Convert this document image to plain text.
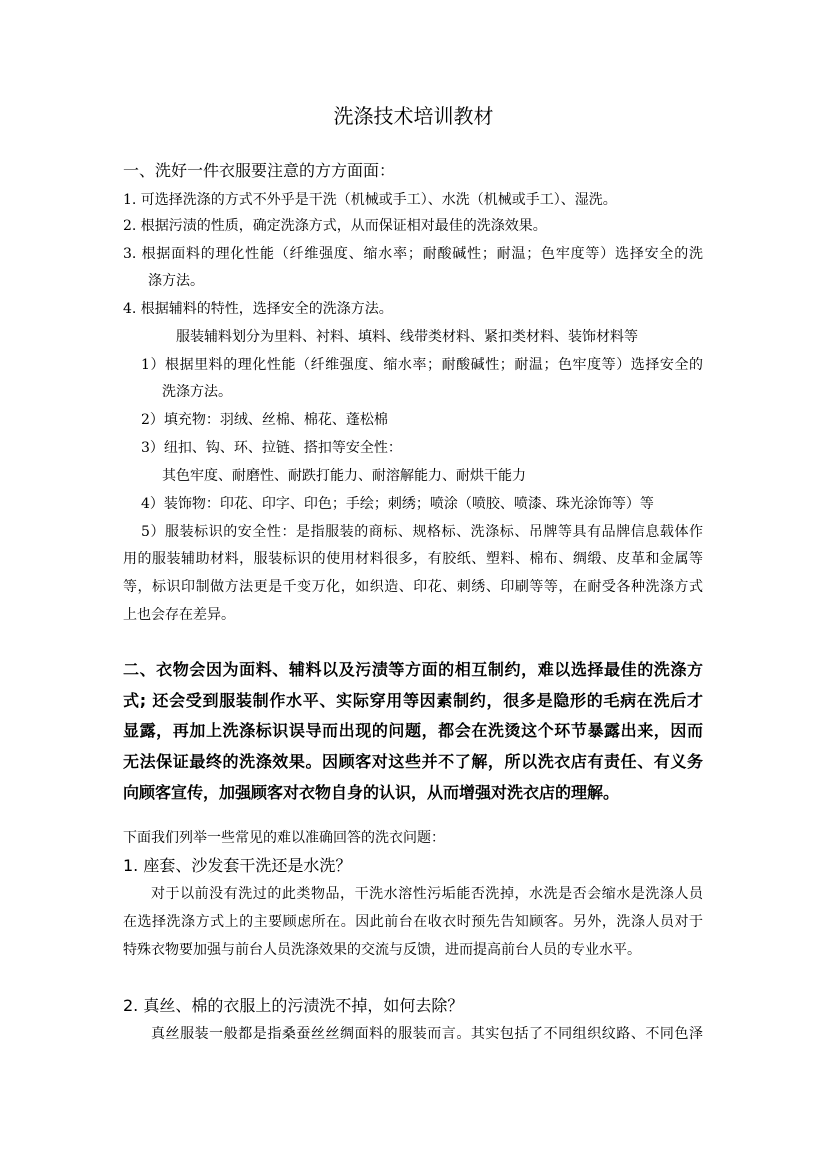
洗涤技术培训教材
一、洗好一件衣服要注意的方方面面：
1. 可选择洗涤的方式不外乎是干洗（机械或手工）、水洗（机械或手工）、湿洗。
2. 根据污渍的性质，确定洗涤方式，从而保证相对最佳的洗涤效果。
3. 根据面料的理化性能（纤维强度、缩水率；耐酸碱性；耐温；色牢度等）选择安全的洗
涤方法。
4. 根据辅料的特性，选择安全的洗涤方法。
服装辅料划分为里料、衬料、填料、线带类材料、紧扣类材料、装饰材料等
1）根据里料的理化性能（纤维强度、缩水率；耐酸碱性；耐温；色牢度等）选择安全的
洗涤方法。
2）填充物：羽绒、丝棉、棉花、蓬松棉
3）纽扣、钩、环、拉链、搭扣等安全性：
其色牢度、耐磨性、耐跌打能力、耐溶解能力、耐烘干能力
4）装饰物：印花、印字、印色；手绘；刺绣；喷涂（喷胶、喷漆、珠光涂饰等）等
5）服装标识的安全性：是指服装的商标、规格标、洗涤标、吊牌等具有品牌信息载体作
用的服装辅助材料，服装标识的使用材料很多，有胶纸、塑料、棉布、绸缎、皮革和金属等
等，标识印制做方法更是千变万化，如织造、印花、刺绣、印刷等等，在耐受各种洗涤方式
上也会存在差异。
二、衣物会因为面料、辅料以及污渍等方面的相互制约，难以选择最佳的洗涤方
式; 还会受到服装制作水平、实际穿用等因素制约，很多是隐形的毛病在洗后才
显露，再加上洗涤标识误导而出现的问题，都会在洗烫这个环节暴露出来，因而
无法保证最终的洗涤效果。因顾客对这些并不了解，所以洗衣店有责任、有义务
向顾客宣传，加强顾客对衣物自身的认识，从而增强对洗衣店的理解。
下面我们列举一些常见的难以准确回答的洗衣问题：
1. 座套、沙发套干洗还是水洗？
对于以前没有洗过的此类物品，干洗水溶性污垢能否洗掉，水洗是否会缩水是洗涤人员
在选择洗涤方式上的主要顾虑所在。因此前台在收衣时预先告知顾客。另外，洗涤人员对于
特殊衣物要加强与前台人员洗涤效果的交流与反馈，进而提高前台人员的专业水平。
2. 真丝、棉的衣服上的污渍洗不掉，如何去除？
真丝服装一般都是指桑蚕丝丝绸面料的服装而言。其实包括了不同组织纹路、不同色泽
